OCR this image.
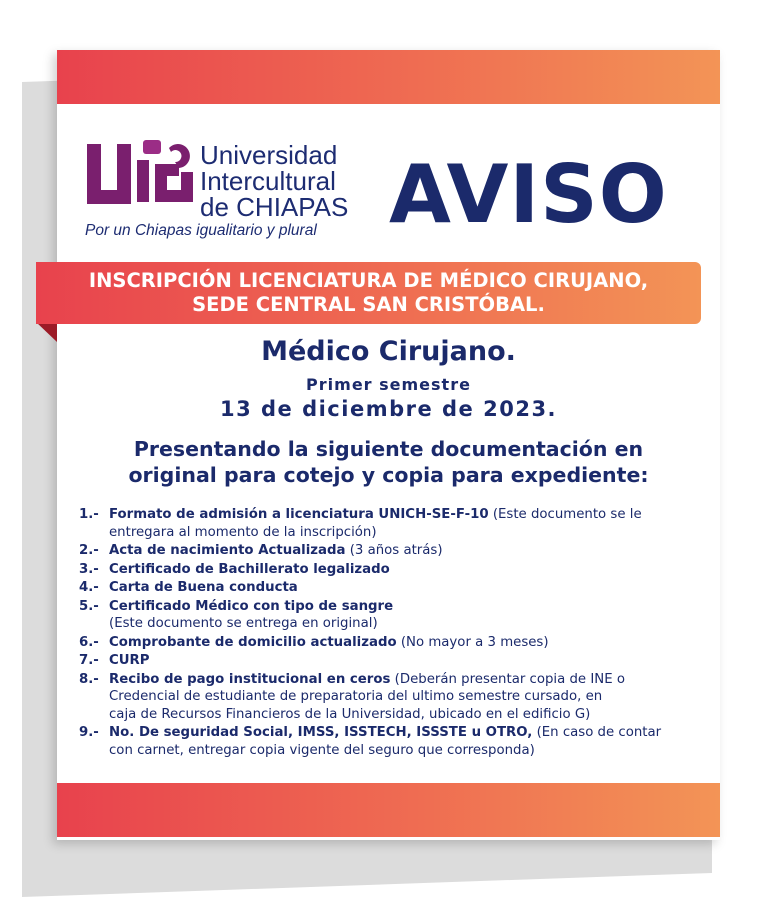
Universidad
Intercultural
de CHIAPAS
Por un Chiapas igualitario y plural AVISO
INSCRIPCIÓN LICENCIATURA DE MÉDICO CIRUJANO,
SEDE CENTRAL SAN CRISTÓBAL.
Médico Cirujano.
Primer semestre
13 de diciembre de 2023.
Presentando la siguiente documentación en
original para cotejo y copia para expediente:
1.- Formato de admisión a licenciatura UNICH-SE-F-10 (Este documento se le
entregara al momento de la inscripción)
2.- Acta de nacimiento Actualizada (3 años atrás)
3.- Certificado de Bachillerato legalizado
4.- Carta de Buena conducta
5.- Certificado Médico con tipo de sangre
(Este documento se entrega en original)
6.- Comprobante de domicilio actualizado (No mayor a 3 meses)
7.- CURP
8.- Recibo de pago institucional en ceros (Deberán presentar copia de INE o
Credencial de estudiante de preparatoria del ultimo semestre cursado, en
caja de Recursos Financieros de la Universidad, ubicado en el edificio G)
9.- No. De seguridad Social, IMSS, ISSTECH, ISSSTE u OTRO, (En caso de contar
con carnet, entregar copia vigente del seguro que corresponda)
